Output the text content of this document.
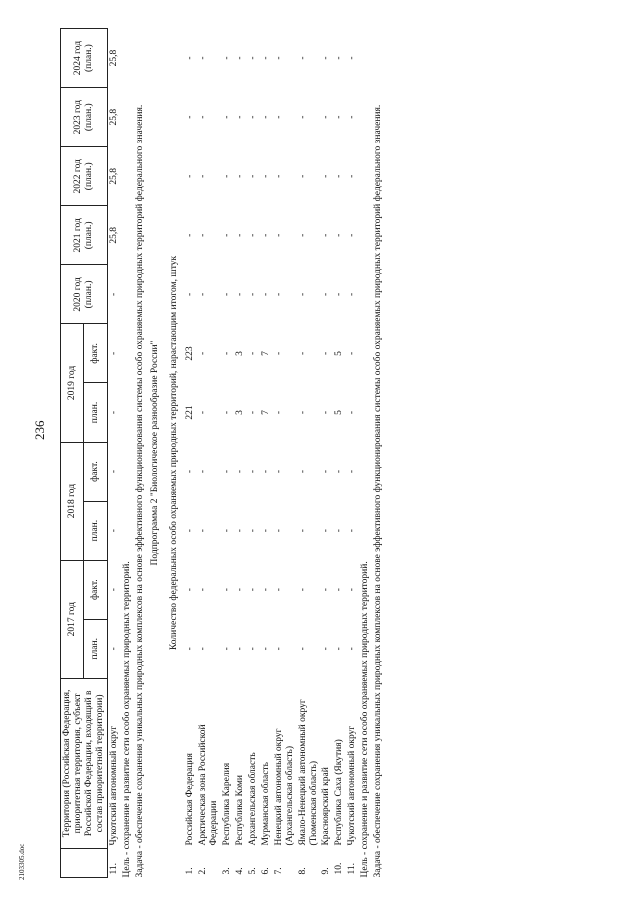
236
	Территория (Российская Федерация, приоритетная территория, субъект Российской Федерации, входящий в состав приоритетной территории)	2017 год		2018 год		2019 год		2020 год (план.)	2021 год (план.)	2022 год (план.)	2023 год (план.)	2024 год (план.)
		план.	факт.	план.	факт.	план.	факт.					
11.	Чукотский автономный округ	-	-	-	-	-	-	-	25,8	25,8	25,8	25,8
Цель - сохранение и развитие сети особо охраняемых природных территорий.												
Задача - обеспечение сохранения уникальных природных комплексов на основе эффективного функционирования системы особо охраняемых природных территорий федерального значения.												
Подпрограмма 2 "Биологическое разнообразие России"												
Количество федеральных особо охраняемых природных территорий, нарастающим итогом, штук												
1.	Российская Федерация	-	-	-	-	221	223	-	-	-	-	-
2.	Арктическая зона Российской Федерации	-	-	-	-	-	-	-	-	-	-	-
3.	Республика Карелия	-	-	-	-	-	-	-	-	-	-	-
4.	Республика Коми	-	-	-	-	3	3	-	-	-	-	-
5.	Архангельская область	-	-	-	-	-	-	-	-	-	-	-
6.	Мурманская область	-	-	-	-	7	7	-	-	-	-	-
7.	Ненецкий автономный округ (Архангельская область)	-	-	-	-	-	-	-	-	-	-	-
8.	Ямало-Ненецкий автономный округ (Тюменская область)	-	-	-	-	-	-	-	-	-	-	-
9.	Красноярский край	-	-	-	-	-	-	-	-	-	-	-
10.	Республика Саха (Якутия)	-	-	-	-	5	5	-	-	-	-	-
11.	Чукотский автономный округ	-	-	-	-	-	-	-	-	-	-	-
Цель - сохранение и развитие сети особо охраняемых природных территорий.												
Задача - обеспечение сохранения уникальных природных комплексов на основе эффективного функционирования системы особо охраняемых природных территорий федерального значения.												
2103305.doc
